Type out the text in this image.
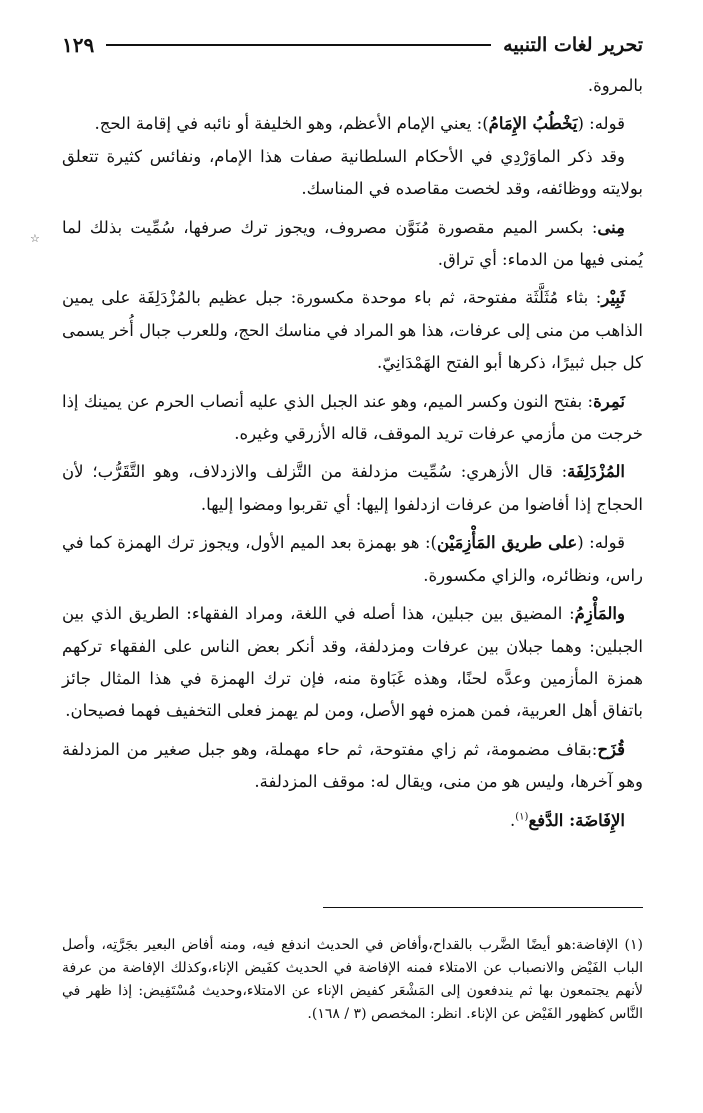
تحرير لغات التنبيه
١٢٩
☆

بالمروة.

قوله: (يَخْطُبُ الإِمَامُ): يعني الإمام الأعظم، وهو الخليفة أو نائبه في إقامة الحج.

وقد ذكر الماوَرْدِي في الأحكام السلطانية صفات هذا الإمام، ونفائس كثيرة تتعلق بولايته ووظائفه، وقد لخصت مقاصده في المناسك.

مِنى: بكسر الميم مقصورة مُنَوَّن مصروف، ويجوز ترك صرفها، سُمِّيت بذلك لما يُمنى فيها من الدماء: أي تراق.

ثَبِيْر: بثاء مُثَلَّثَة مفتوحة، ثم باء موحدة مكسورة: جبل عظيم بالمُزْدَلِفَة على يمين الذاهب من منى إلى عرفات، هذا هو المراد في مناسك الحج، وللعرب جبال أُخر يسمى كل جبل ثبيرًا، ذكرها أبو الفتح الهَمْدَانِيّ.

نَمِرة: بفتح النون وكسر الميم، وهو عند الجبل الذي عليه أنصاب الحرم عن يمينك إذا خرجت من مأزمي عرفات تريد الموقف، قاله الأزرقي وغيره.

المُزْدَلِفَة: قال الأزهري: سُمِّيت مزدلفة من التَّزلف والازدلاف، وهو التَّقَرُّب؛ لأن الحجاج إذا أفاضوا من عرفات ازدلفوا إليها: أي تقربوا ومضوا إليها.

قوله: (على طريق المَأْزِمَيْن): هو بهمزة بعد الميم الأول، ويجوز ترك الهمزة كما في راس، ونظائره، والزاي مكسورة.

والمَأْزِمُ: المضيق بين جبلين، هذا أصله في اللغة، ومراد الفقهاء: الطريق الذي بين الجبلين: وهما جبلان بين عرفات ومزدلفة، وقد أنكر بعض الناس على الفقهاء تركهم همزة المأزمين وعدَّه لحنًا، وهذه غَبَاوة منه، فإن ترك الهمزة في هذا المثال جائز باتفاق أهل العربية، فمن همزه فهو الأصل، ومن لم يهمز فعلى التخفيف فهما فصيحان.

قُزَح:بقاف مضمومة، ثم زاي مفتوحة، ثم حاء مهملة، وهو جبل صغير من المزدلفة وهو آخرها، وليس هو من منى، ويقال له: موقف المزدلفة.

الإِفَاضَة: الدَّفع$^{(١)}$.

(١) الإفاضة:هو أيضًا الضَّرب بالقداح،وأفاض في الحديث اندفع فيه، ومنه أفاض البعير بجَرَّتِه، وأصل الباب الفَيْض والانصباب عن الامتلاء فمنه الإفاضة في الحديث كفَيض الإناء،وكذلك الإفاضة من عرفة لأنهم يجتمعون بها ثم يندفعون إلى المَشْعَر كفيض الإناء عن الامتلاء،وحديث مُسْتَفِيض: إذا ظهر في النَّاس كظهور الفَيْض عن الإناء. انظر: المخصص (٣ / ١٦٨).
